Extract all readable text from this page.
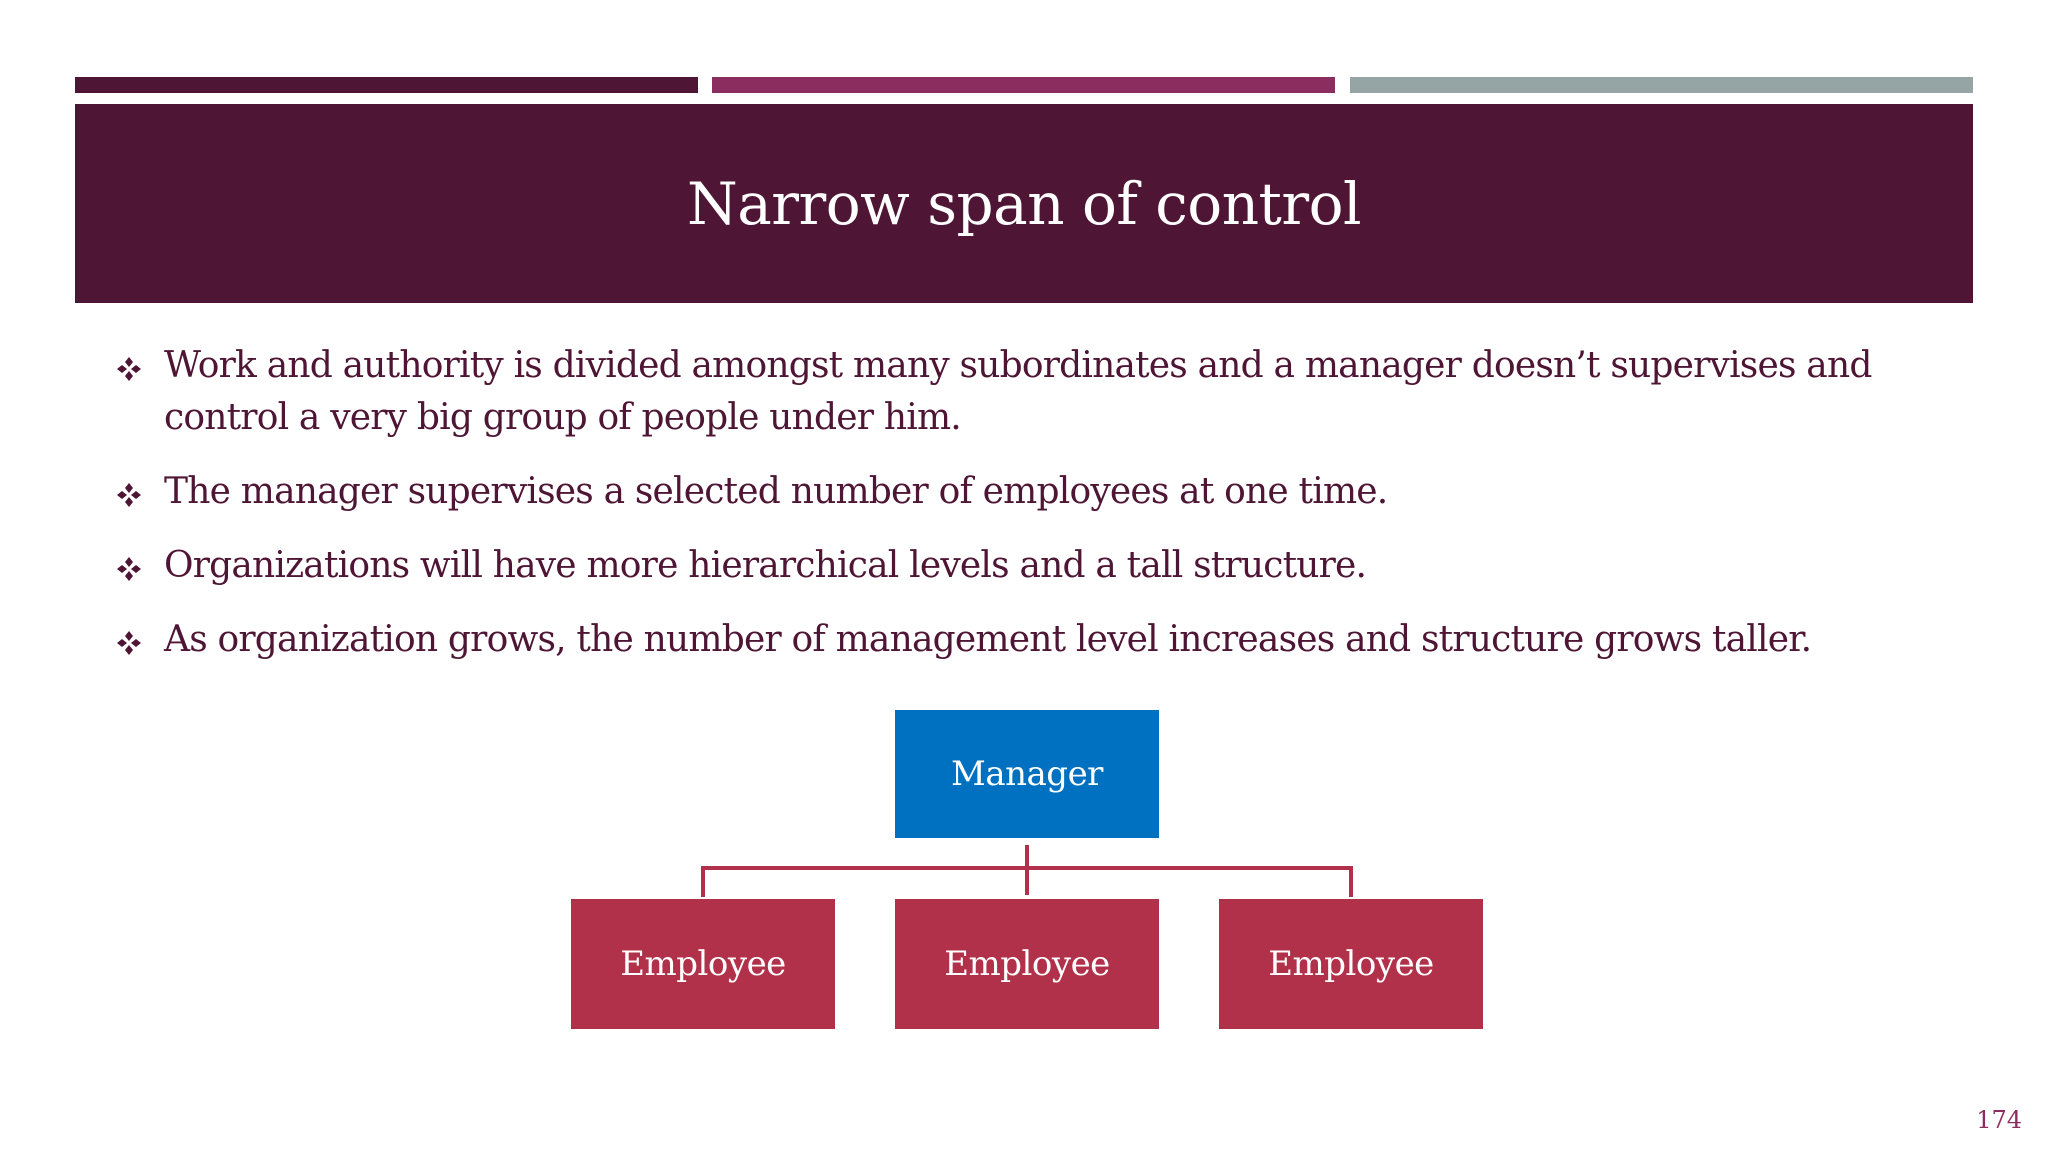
Narrow span of control
Work and authority is divided amongst many subordinates and a manager doesn’t supervises and control a very big group of people under him.
The manager supervises a selected number of employees at one time.
Organizations will have more hierarchical levels and a tall structure.
As organization grows, the number of management level increases and structure grows taller.
Manager
Employee	Employee	Employee
174
